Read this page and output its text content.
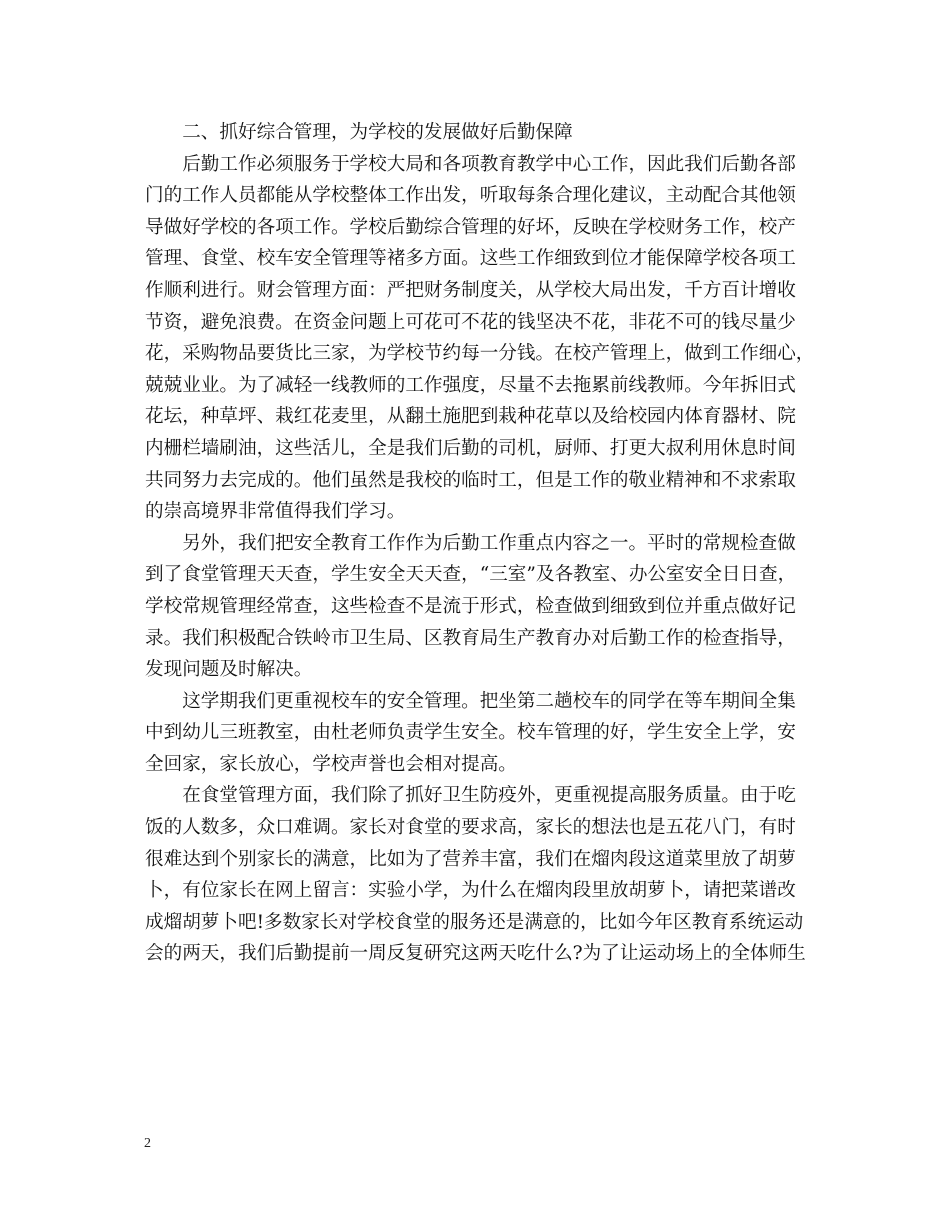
二、抓好综合管理，为学校的发展做好后勤保障

后勤工作必须服务于学校大局和各项教育教学中心工作，因此我们后勤各部
门的工作人员都能从学校整体工作出发，听取每条合理化建议，主动配合其他领
导做好学校的各项工作。学校后勤综合管理的好坏，反映在学校财务工作，校产
管理、食堂、校车安全管理等褚多方面。这些工作细致到位才能保障学校各项工
作顺利进行。财会管理方面：严把财务制度关，从学校大局出发，千方百计增收
节资，避免浪费。在资金问题上可花可不花的钱坚决不花，非花不可的钱尽量少
花，采购物品要货比三家，为学校节约每一分钱。在校产管理上，做到工作细心，
兢兢业业。为了减轻一线教师的工作强度，尽量不去拖累前线教师。今年拆旧式
花坛，种草坪、栽红花麦里，从翻土施肥到栽种花草以及给校园内体育器材、院
内栅栏墙刷油，这些活儿，全是我们后勤的司机，厨师、打更大叔利用休息时间
共同努力去完成的。他们虽然是我校的临时工，但是工作的敬业精神和不求索取
的崇高境界非常值得我们学习。

另外，我们把安全教育工作作为后勤工作重点内容之一。平时的常规检查做
到了食堂管理天天查，学生安全天天查，“三室”及各教室、办公室安全日日查，
学校常规管理经常查，这些检查不是流于形式，检查做到细致到位并重点做好记
录。我们积极配合铁岭市卫生局、区教育局生产教育办对后勤工作的检查指导，
发现问题及时解决。

这学期我们更重视校车的安全管理。把坐第二趟校车的同学在等车期间全集
中到幼儿三班教室，由杜老师负责学生安全。校车管理的好，学生安全上学，安
全回家，家长放心，学校声誉也会相对提高。

在食堂管理方面，我们除了抓好卫生防疫外，更重视提高服务质量。由于吃
饭的人数多，众口难调。家长对食堂的要求高，家长的想法也是五花八门，有时
很难达到个别家长的满意，比如为了营养丰富，我们在熘肉段这道菜里放了胡萝
卜，有位家长在网上留言：实验小学，为什么在熘肉段里放胡萝卜，请把菜谱改
成熘胡萝卜吧!多数家长对学校食堂的服务还是满意的，比如今年区教育系统运动
会的两天，我们后勤提前一周反复研究这两天吃什么?为了让运动场上的全体师生

2
